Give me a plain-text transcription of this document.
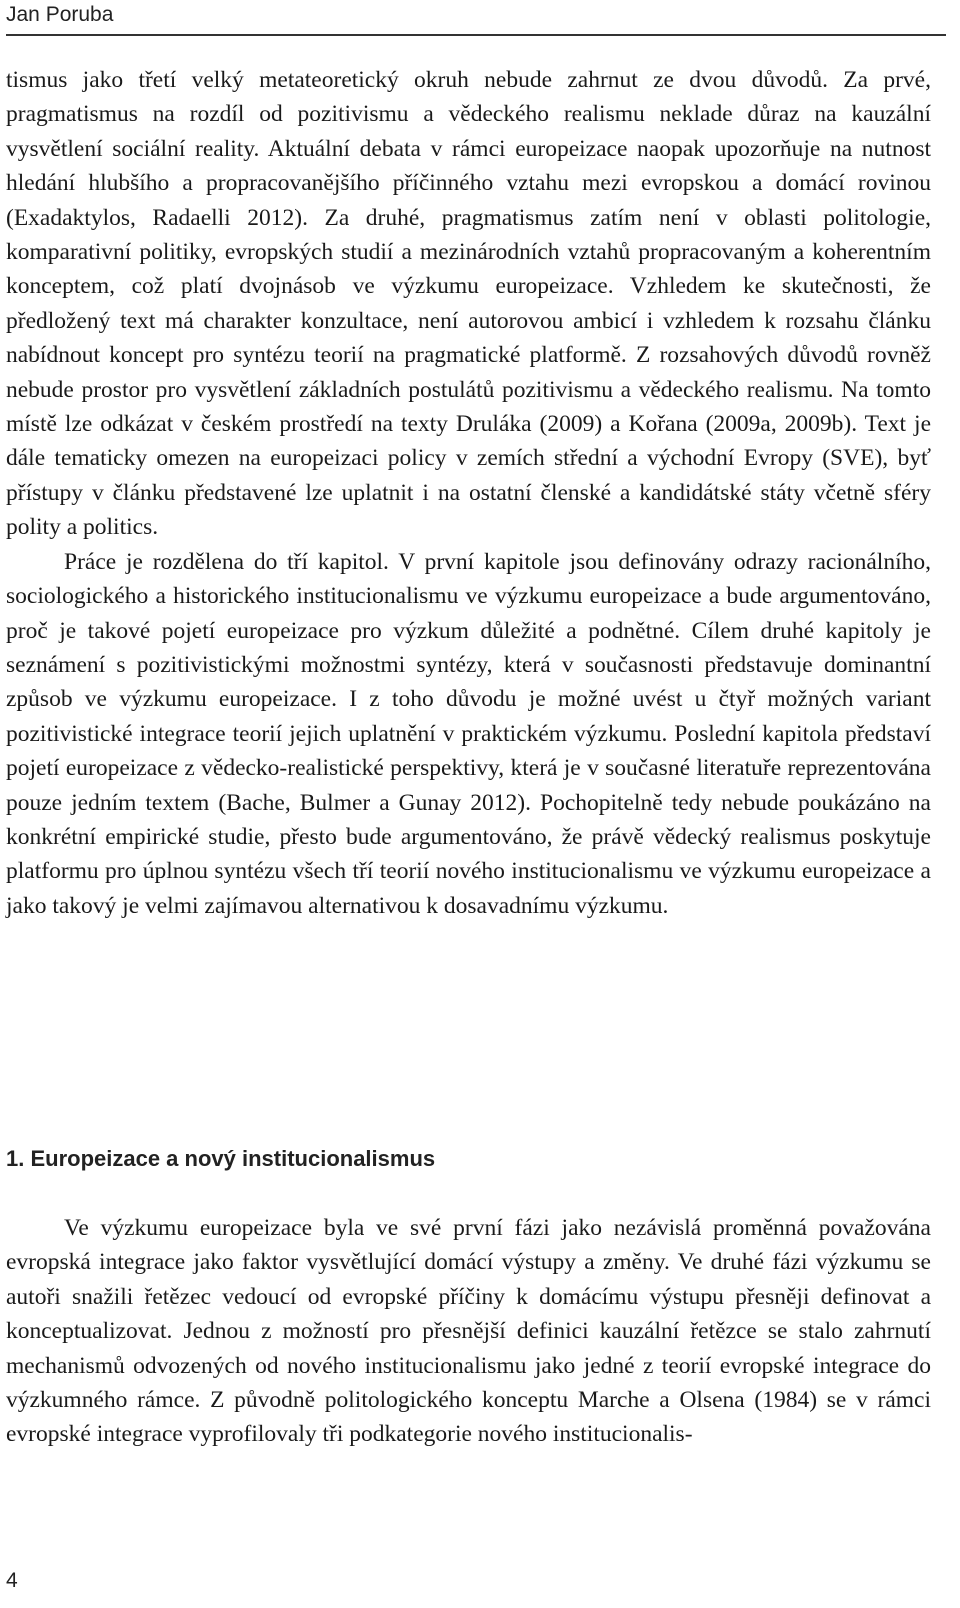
Jan Poruba

tismus jako třetí velký metateoretický okruh nebude zahrnut ze dvou důvodů. Za prvé, pragmatismus na rozdíl od pozitivismu a vědeckého realismu neklade důraz na kauzální vysvětlení sociální reality. Aktuální debata v rámci europeizace naopak upozorňuje na nutnost hledání hlubšího a propracovanějšího příčinného vztahu mezi evropskou a domácí rovinou (Exadaktylos, Radaelli 2012). Za druhé, pragmatismus zatím není v oblasti politologie, komparativní politiky, evropských studií a mezinárodních vztahů propracovaným a koherentním konceptem, což platí dvojnásob ve výzkumu europeizace. Vzhledem ke skutečnosti, že předložený text má charakter konzultace, není autorovou ambicí i vzhledem k rozsahu článku nabídnout koncept pro syntézu teorií na pragmatické platformě. Z rozsahových důvodů rovněž nebude prostor pro vysvětlení základních postulátů pozitivismu a vědeckého realismu. Na tomto místě lze odkázat v českém prostředí na texty Druláka (2009) a Kořana (2009a, 2009b). Text je dále tematicky omezen na europeizaci policy v zemích střední a východní Evropy (SVE), byť přístupy v článku představené lze uplatnit i na ostatní členské a kandidátské státy včetně sféry polity a politics.

Práce je rozdělena do tří kapitol. V první kapitole jsou definovány odrazy racionálního, sociologického a historického institucionalismu ve výzkumu europeizace a bude argumentováno, proč je takové pojetí europeizace pro výzkum důležité a podnětné. Cílem druhé kapitoly je seznámení s pozitivistickými možnostmi syntézy, která v současnosti představuje dominantní způsob ve výzkumu europeizace. I z toho důvodu je možné uvést u čtyř možných variant pozitivistické integrace teorií jejich uplatnění v praktickém výzkumu. Poslední kapitola představí pojetí europeizace z vědecko-realistické perspektivy, která je v současné literatuře reprezentována pouze jedním textem (Bache, Bulmer a Gunay 2012). Pochopitelně tedy nebude poukázáno na konkrétní empirické studie, přesto bude argumentováno, že právě vědecký realismus poskytuje platformu pro úplnou syntézu všech tří teorií nového institucionalismu ve výzkumu europeizace a jako takový je velmi zajímavou alternativou k dosavadnímu výzkumu.

1. Europeizace a nový institucionalismus

Ve výzkumu europeizace byla ve své první fázi jako nezávislá proměnná považována evropská integrace jako faktor vysvětlující domácí výstupy a změny. Ve druhé fázi výzkumu se autoři snažili řetězec vedoucí od evropské příčiny k domácímu výstupu přesněji definovat a konceptualizovat. Jednou z možností pro přesnější definici kauzální řetězce se stalo zahrnutí mechanismů odvozených od nového institucionalismu jako jedné z teorií evropské integrace do výzkumného rámce. Z původně politologického konceptu Marche a Olsena (1984) se v rámci evropské integrace vyprofilovaly tři podkategorie nového institucionalis-

4
